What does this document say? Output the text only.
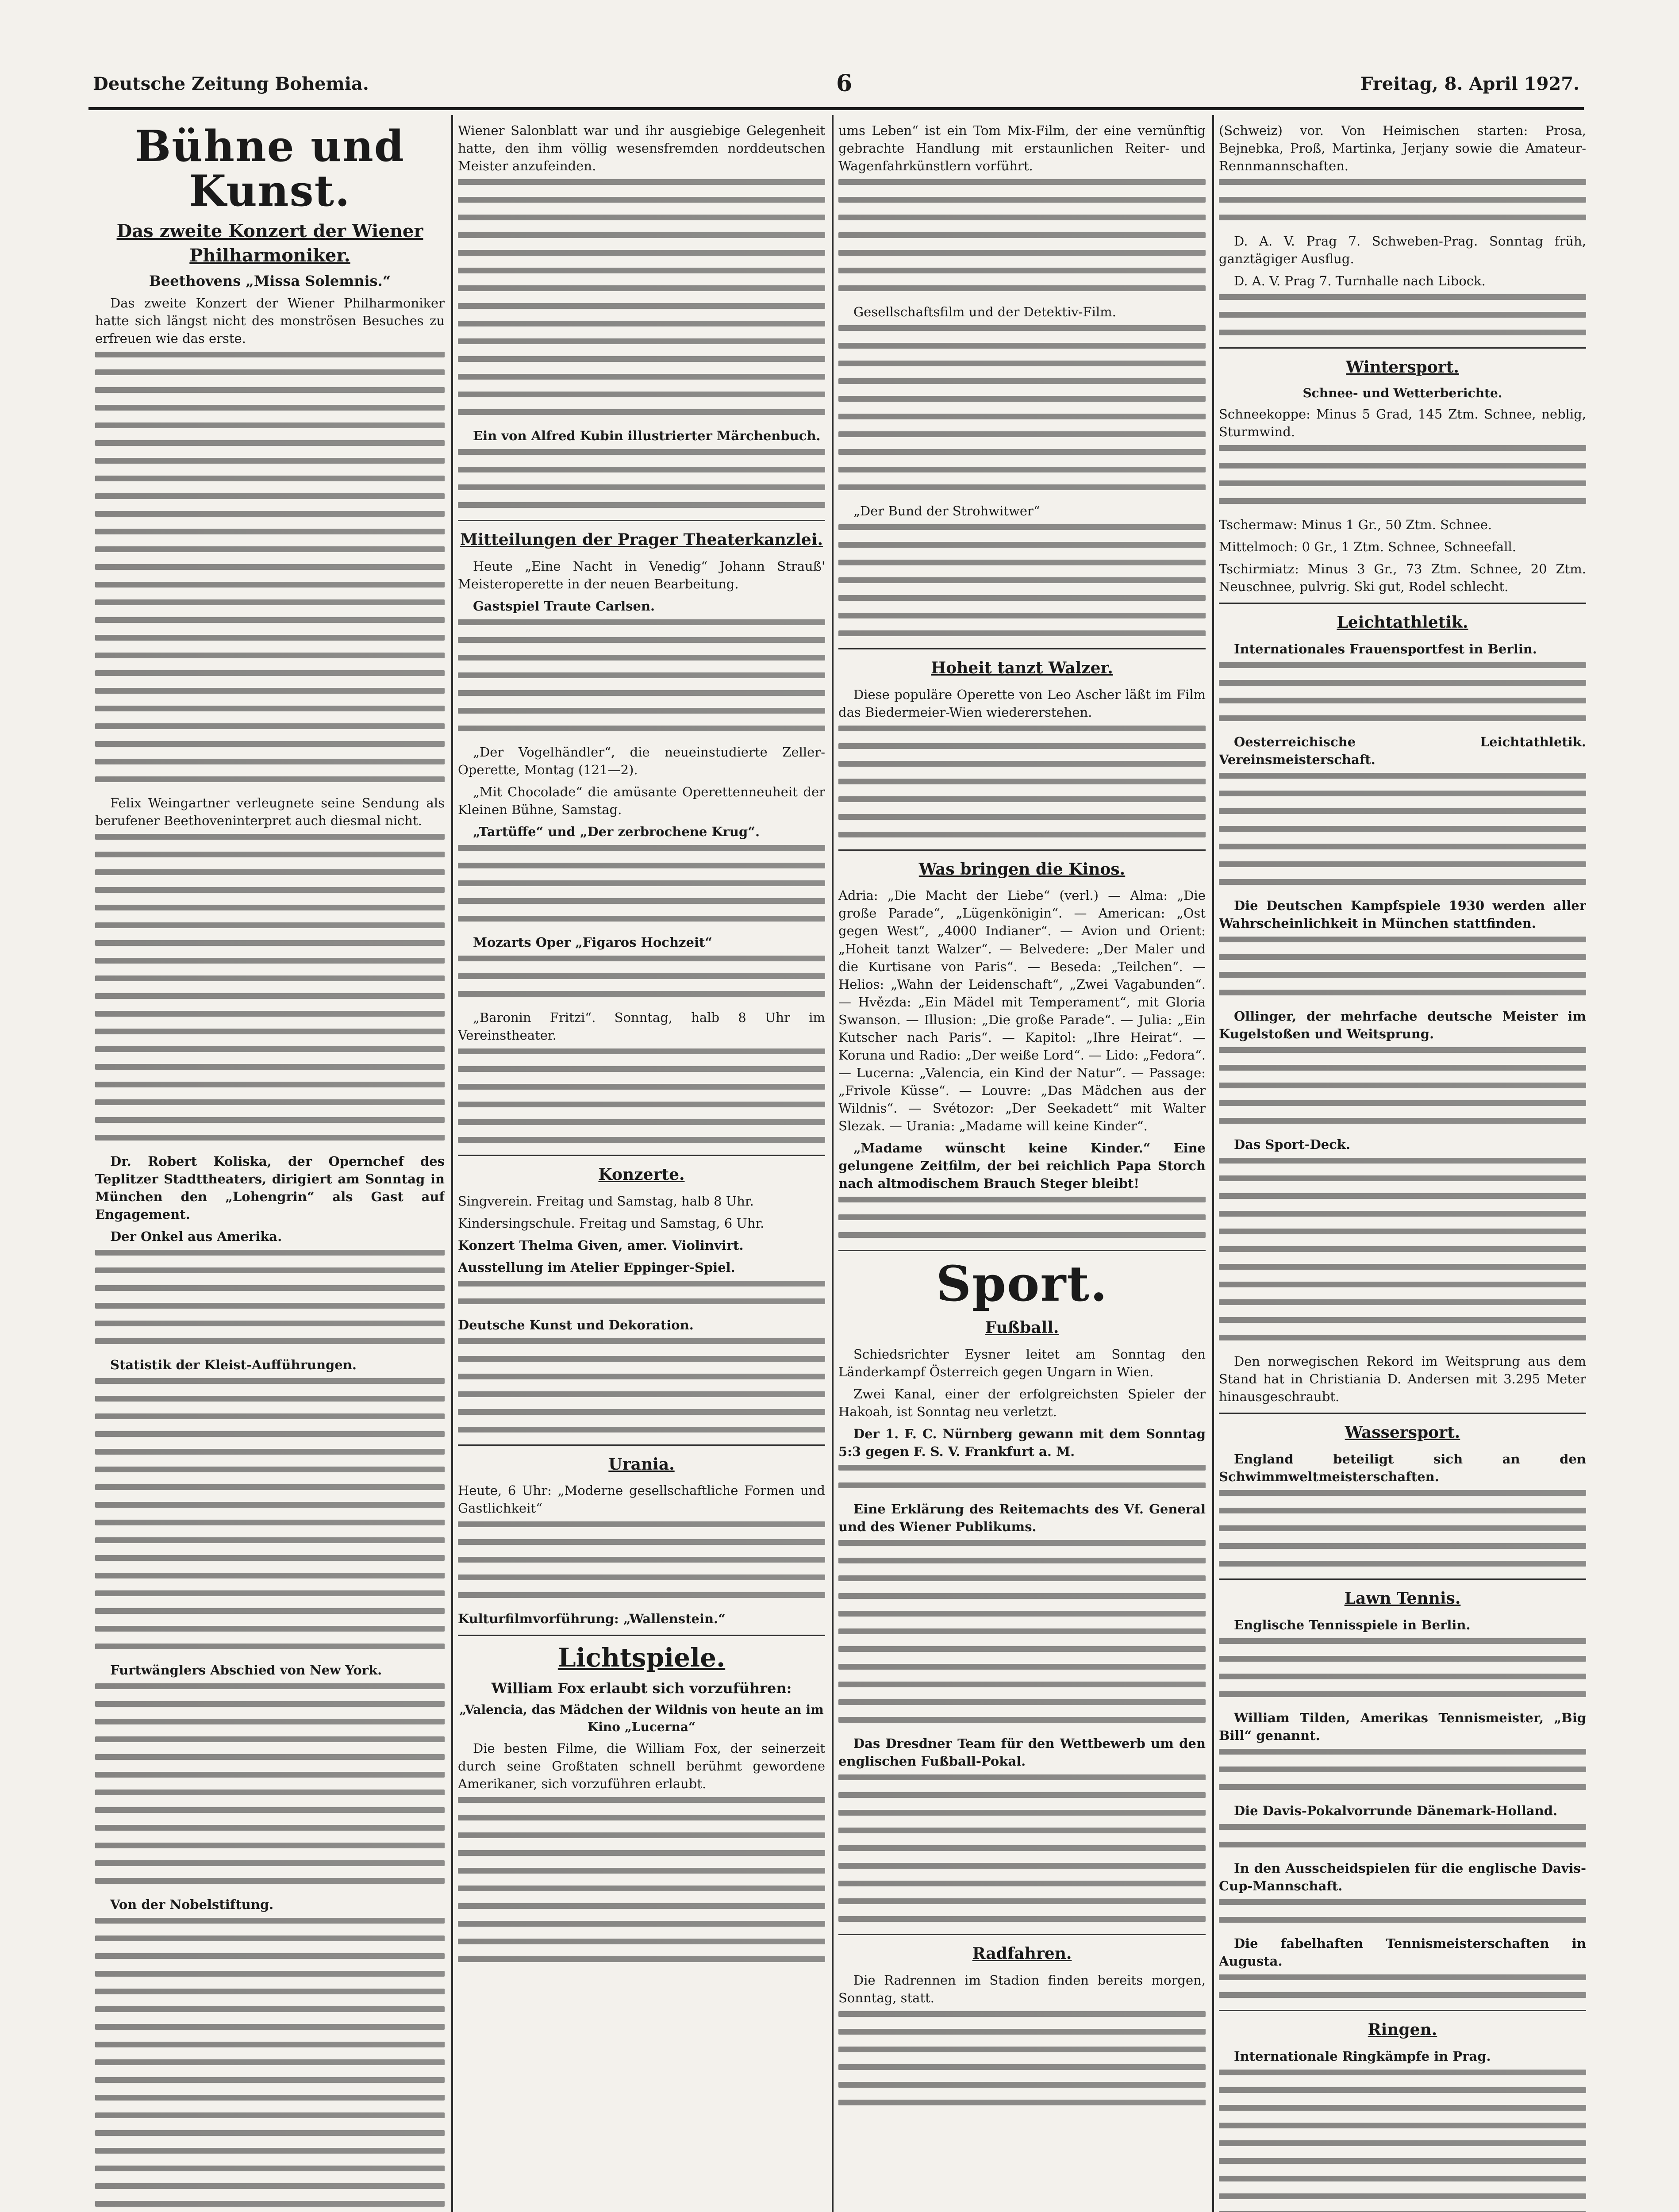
Deutsche Zeitung Bohemia.	6	Freitag, 8. April 1927.
Bühne und Kunst.
Das zweite Konzert der Wiener Philharmoniker.
Beethovens „Missa Solemnis.“

Das zweite Konzert der Wiener Philharmoniker hatte sich längst nicht des monströsen Besuches zu erfreuen wie das erste.

Felix Weingartner verleugnete seine Sendung als berufener Beethoveninterpret auch diesmal nicht.

Dr. Robert Koliska, der Opernchef des Teplitzer Stadttheaters, dirigiert am Sonntag in München den „Lohengrin“ als Gast auf Engagement.

Der Onkel aus Amerika.

Statistik der Kleist-Aufführungen.

Furtwänglers Abschied von New York.

Von der Nobelstiftung.

Wiener Salonblatt war und ihr ausgiebige Gelegenheit hatte, den ihm völlig wesensfremden norddeutschen Meister anzufeinden.

Ein von Alfred Kubin illustrierter Märchenbuch.

Mitteilungen der Prager Theaterkanzlei.

Heute „Eine Nacht in Venedig“ Johann Strauß' Meisteroperette in der neuen Bearbeitung.

Gastspiel Traute Carlsen.

„Der Vogelhändler“, die neueinstudierte Zeller-Operette, Montag (121—2).

„Mit Chocolade“ die amüsante Operettenneuheit der Kleinen Bühne, Samstag.

„Tartüffe“ und „Der zerbrochene Krug“.

Mozarts Oper „Figaros Hochzeit“

„Baronin Fritzi“. Sonntag, halb 8 Uhr im Vereinstheater.

Konzerte.

Singverein. Freitag und Samstag, halb 8 Uhr.

Kindersingschule. Freitag und Samstag, 6 Uhr.

Konzert Thelma Given, amer. Violinvirt.

Ausstellung im Atelier Eppinger-Spiel.

Deutsche Kunst und Dekoration.

Urania.

Heute, 6 Uhr: „Moderne gesellschaftliche Formen und Gastlichkeit“

Kulturfilmvorführung: „Wallenstein.“

Lichtspiele.
William Fox erlaubt sich vorzuführen:
„Valencia, das Mädchen der Wildnis von heute an im Kino „Lucerna“

Die besten Filme, die William Fox, der seinerzeit durch seine Großtaten schnell berühmt gewordene Amerikaner, sich vorzuführen erlaubt.

ums Leben“ ist ein Tom Mix-Film, der eine vernünftig gebrachte Handlung mit erstaunlichen Reiter- und Wagenfahrkünstlern vorführt.

Gesellschaftsfilm und der Detektiv-Film.

„Der Bund der Strohwitwer“

Hoheit tanzt Walzer.

Diese populäre Operette von Leo Ascher läßt im Film das Biedermeier-Wien wiedererstehen.

Was bringen die Kinos.

Adria: „Die Macht der Liebe“ (verl.) — Alma: „Die große Parade“, „Lügenkönigin“. — American: „Ost gegen West“, „4000 Indianer“. — Avion und Orient: „Hoheit tanzt Walzer“. — Belvedere: „Der Maler und die Kurtisane von Paris“. — Beseda: „Teilchen“. — Helios: „Wahn der Leidenschaft“, „Zwei Vagabunden“. — Hvězda: „Ein Mädel mit Temperament“, mit Gloria Swanson. — Illusion: „Die große Parade“. — Julia: „Ein Kutscher nach Paris“. — Kapitol: „Ihre Heirat“. — Koruna und Radio: „Der weiße Lord“. — Lido: „Fedora“. — Lucerna: „Valencia, ein Kind der Natur“. — Passage: „Frivole Küsse“. — Louvre: „Das Mädchen aus der Wildnis“. — Svétozor: „Der Seekadett“ mit Walter Slezak. — Urania: „Madame will keine Kinder“.

„Madame wünscht keine Kinder.“ Eine gelungene Zeitfilm, der bei reichlich Papa Storch nach altmodischem Brauch Steger bleibt!

Sport.
Fußball.

Schiedsrichter Eysner leitet am Sonntag den Länderkampf Österreich gegen Ungarn in Wien.

Zwei Kanal, einer der erfolgreichsten Spieler der Hakoah, ist Sonntag neu verletzt.

Der 1. F. C. Nürnberg gewann mit dem Sonntag 5:3 gegen F. S. V. Frankfurt a. M.

Eine Erklärung des Reitemachts des Vf. General und des Wiener Publikums.

Das Dresdner Team für den Wettbewerb um den englischen Fußball-Pokal.

Radfahren.

Die Radrennen im Stadion finden bereits morgen, Sonntag, statt.

(Schweiz) vor. Von Heimischen starten: Prosa, Bejnebka, Proß, Martinka, Jerjany sowie die Amateur-Rennmannschaften.

D. A. V. Prag 7. Schweben-Prag. Sonntag früh, ganztägiger Ausflug.

D. A. V. Prag 7. Turnhalle nach Libock.

Wintersport.
Schnee- und Wetterberichte.

Schneekoppe: Minus 5 Grad, 145 Ztm. Schnee, neblig, Sturmwind.

Tschermaw: Minus 1 Gr., 50 Ztm. Schnee.

Mittelmoch: 0 Gr., 1 Ztm. Schnee, Schneefall.

Tschirmiatz: Minus 3 Gr., 73 Ztm. Schnee, 20 Ztm. Neuschnee, pulvrig. Ski gut, Rodel schlecht.

Leichtathletik.

Internationales Frauensportfest in Berlin.

Oesterreichische Leichtathletik. Vereinsmeisterschaft.

Die Deutschen Kampfspiele 1930 werden aller Wahrscheinlichkeit in München stattfinden.

Ollinger, der mehrfache deutsche Meister im Kugelstoßen und Weitsprung.

Das Sport-Deck.

Den norwegischen Rekord im Weitsprung aus dem Stand hat in Christiania D. Andersen mit 3.295 Meter hinausgeschraubt.

Wassersport.

England beteiligt sich an den Schwimmweltmeisterschaften.

Lawn Tennis.

Englische Tennisspiele in Berlin.

William Tilden, Amerikas Tennismeister, „Big Bill“ genannt.

Die Davis-Pokalvorrunde Dänemark-Holland.

In den Ausscheidspielen für die englische Davis-Cup-Mannschaft.

Die fabelhaften Tennismeisterschaften in Augusta.

Ringen.

Internationale Ringkämpfe in Prag.
